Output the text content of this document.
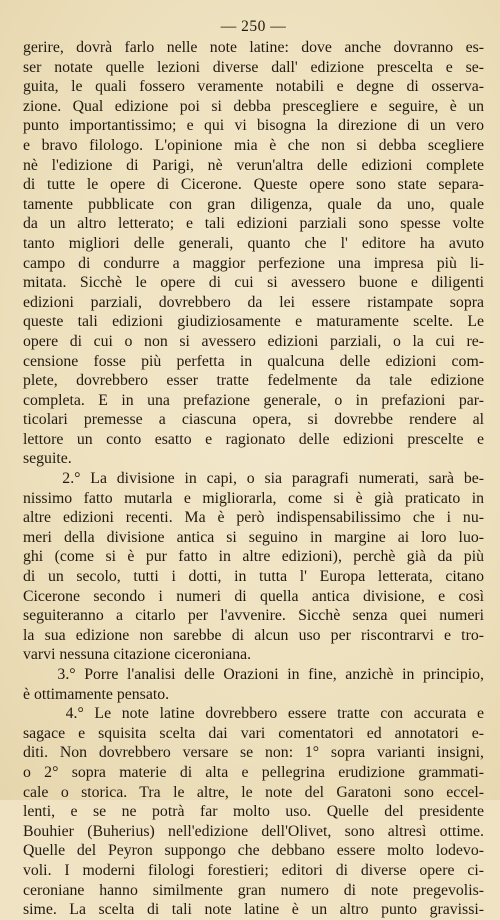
— 250 —
gerire, dovrà farlo nelle note latine: dove anche dovranno es-
ser notate quelle lezioni diverse dall' edizione prescelta e se-
guita, le quali fossero veramente notabili e degne di osserva-
zione. Qual edizione poi si debba prescegliere e seguire, è un
punto importantissimo; e qui vi bisogna la direzione di un vero
e bravo filologo. L'opinione mia è che non si debba scegliere
nè l'edizione di Parigi, nè verun'altra delle edizioni complete
di tutte le opere di Cicerone. Queste opere sono state separa-
tamente pubblicate con gran diligenza, quale da uno, quale
da un altro letterato; e tali edizioni parziali sono spesse volte
tanto migliori delle generali, quanto che l' editore ha avuto
campo di condurre a maggior perfezione una impresa più li-
mitata. Sicchè le opere di cui si avessero buone e diligenti
edizioni parziali, dovrebbero da lei essere ristampate sopra
queste tali edizioni giudiziosamente e maturamente scelte. Le
opere di cui o non si avessero edizioni parziali, o la cui re-
censione fosse più perfetta in qualcuna delle edizioni com-
plete, dovrebbero esser tratte fedelmente da tale edizione
completa. E in una prefazione generale, o in prefazioni par-
ticolari premesse a ciascuna opera, si dovrebbe rendere al
lettore un conto esatto e ragionato delle edizioni prescelte e
seguite.
2.° La divisione in capi, o sia paragrafi numerati, sarà be-
nissimo fatto mutarla e migliorarla, come si è già praticato in
altre edizioni recenti. Ma è però indispensabilissimo che i nu-
meri della divisione antica si seguino in margine ai loro luo-
ghi (come si è pur fatto in altre edizioni), perchè già da più
di un secolo, tutti i dotti, in tutta l' Europa letterata, citano
Cicerone secondo i numeri di quella antica divisione, e così
seguiteranno a citarlo per l'avvenire. Sicchè senza quei numeri
la sua edizione non sarebbe di alcun uso per riscontrarvi e tro-
varvi nessuna citazione ciceroniana.
3.° Porre l'analisi delle Orazioni in fine, anzichè in principio,
è ottimamente pensato.
4.° Le note latine dovrebbero essere tratte con accurata e
sagace e squisita scelta dai vari comentatori ed annotatori e-
diti. Non dovrebbero versare se non: 1° sopra varianti insigni,
o 2° sopra materie di alta e pellegrina erudizione grammati-
cale o storica. Tra le altre, le note del Garatoni sono eccel-
lenti, e se ne potrà far molto uso. Quelle del presidente
Bouhier (Buherius) nell'edizione dell'Olivet, sono altresì ottime.
Quelle del Peyron suppongo che debbano essere molto lodevo-
voli. I moderni filologi forestieri; editori di diverse opere ci-
ceroniane hanno similmente gran numero di note pregevolis-
sime. La scelta di tali note latine è un altro punto gravissi-
